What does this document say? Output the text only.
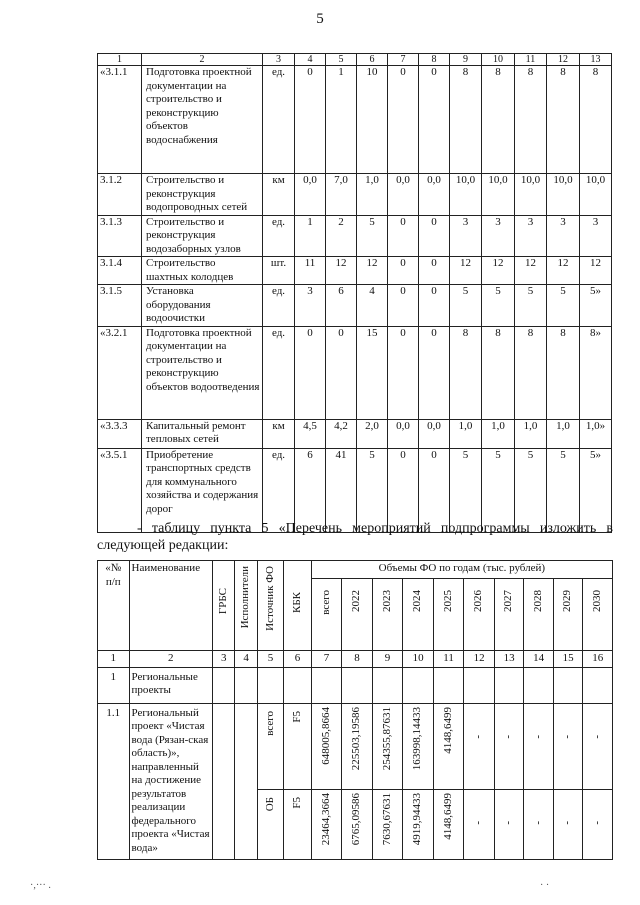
5
1	2	3	4	5	6	7	8	9	10	11	12	13
«3.1.1	Подготовка проектной документации на строительство и реконструкцию объектов водоснабжения	ед.	0	1	10	0	0	8	8	8	8	8
3.1.2	Строительство и реконструкция водопроводных сетей	км	0,0	7,0	1,0	0,0	0,0	10,0	10,0	10,0	10,0	10,0
3.1.3	Строительство и реконструкция водозаборных узлов	ед.	1	2	5	0	0	3	3	3	3	3
3.1.4	Строительство шахтных колодцев	шт.	11	12	12	0	0	12	12	12	12	12
3.1.5	Установка оборудования водоочистки	ед.	3	6	4	0	0	5	5	5	5	5»
«3.2.1	Подготовка проектной документации на строительство и реконструкцию объектов водоотведения	ед.	0	0	15	0	0	8	8	8	8	8»
«3.3.3	Капитальный ремонт тепловых сетей	км	4,5	4,2	2,0	0,0	0,0	1,0	1,0	1,0	1,0	1,0»
«3.5.1	Приобретение транспортных средств для коммунального хозяйства и содержания дорог	ед.	6	41	5	0	0	5	5	5	5	5»
- таблицу пункта 5 «Перечень мероприятий подпрограммы изложить в
следующей редакции:
«№ п/п	Наименование	ГРБС	Исполнители	Источник ФО	КБК	Объемы ФО по годам (тыс. рублей)									

						всего	2022	2023	2024	2025	2026	2027	2028	2029	2030

1	2	3	4	5	6	7	8	9	10	11	12	13	14	15	16
1	Региональные проекты														
1.1	Региональный проект «Чистая вода (Рязан-ская область)», направленный на достижение результатов реализации федерального проекта «Чистая вода»			всего	F5	648005,8664	225503,19586	254355,87631	163998,14433	4148,6499	-	-	-	-	-

				ОБ	F5	23464,3664	6765,09586	7630,67631	4919,94433	4148,6499	-	-	-	-	-
·,··· .	· ·
